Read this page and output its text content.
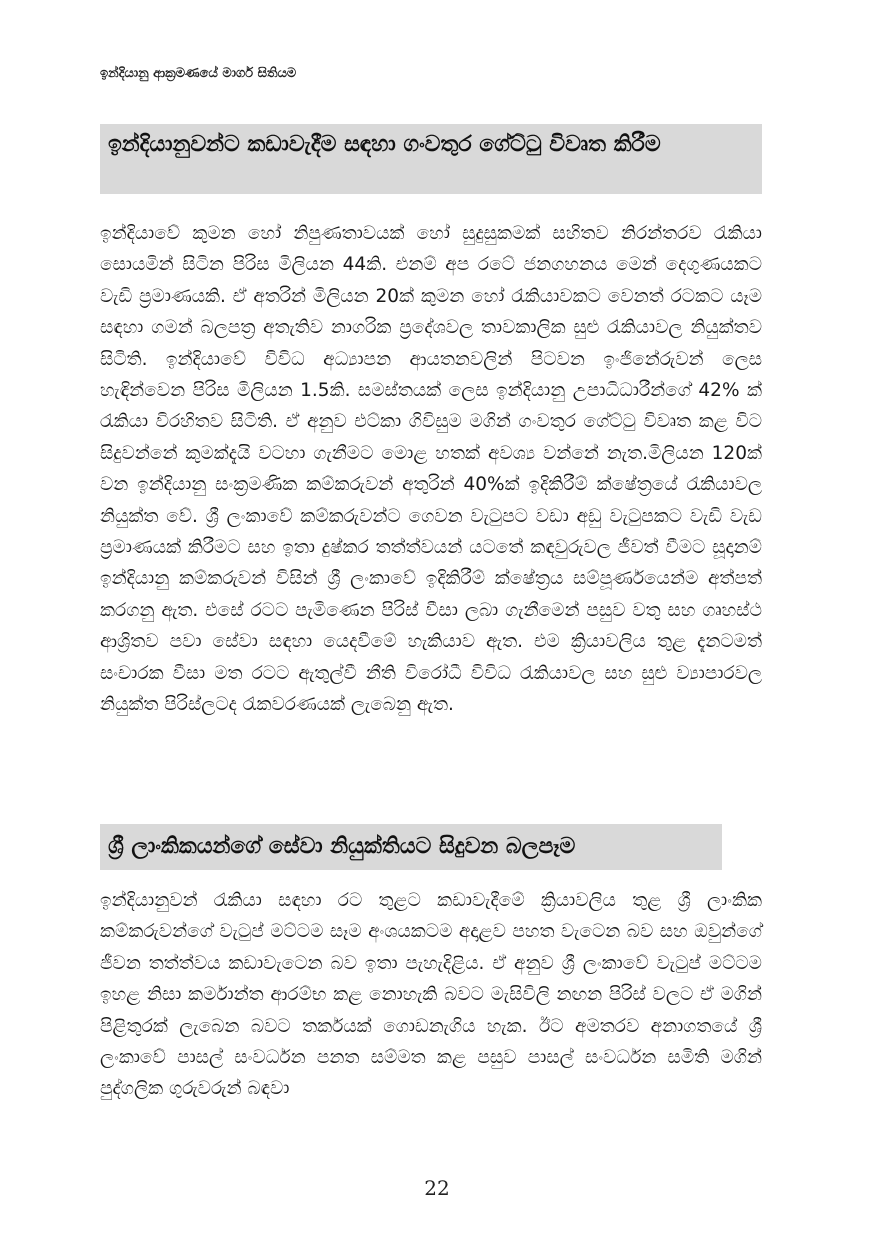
ඉන්දියානු ආක්‍රමණයේ මාර්ග සිතියම
ඉන්දියානුවන්ට කඩාවැදීම සඳහා ගංවතුර ගේට්ටු විවෘත කිරීම

ඉන්දියාවේ කුමන හෝ නිපුණතාවයක් හෝ සුදුසුකමක් සහිතව නිරන්තරව රැකියා සොයමින් සිටින පිරිස මිලියන 44කි. එනම් අප රටේ ජනගහනය මෙන් දෙගුණයකට වැඩි ප්‍රමාණයකි. ඒ අතරින් මිලියන 20ක් කුමන හෝ රැකියාවකට වෙනත් රටකට යෑම සඳහා ගමන් බලපත්‍ර අතැතිව නාගරික ප්‍රදේශවල තාවකාලික සුළු රැකියාවල නියුක්තව සිටිති. ඉන්දියාවේ විවිධ අධ්‍යාපන ආයතනවලින් පිටවන ඉංජිනේරුවන් ලෙස හැඳින්වෙන පිරිස මිලියන 1.5කි. සමස්තයක් ලෙස ඉන්දියානු උපාධිධාරීන්ගේ 42% ක් රැකියා විරහිතව සිටිති. ඒ අනුව එට්කා ගිවිසුම මගින් ගංවතුර ගේට්ටු විවෘත කළ විට සිදුවන්නේ කුමක්දැයි වටහා ගැනීමට මොළ හතක් අවශ්‍ය වන්නේ නැත.මිලියන 120ක් වන ඉන්දියානු සංක්‍රමණික කම්කරුවන් අතුරින් 40%ක් ඉදිකිරීම් ක්ෂේත්‍රයේ රැකියාවල නියුක්ත වේ. ශ්‍රී ලංකාවේ කම්කරුවන්ට ගෙවන වැටුපට වඩා අඩු වැටුපකට වැඩි වැඩ ප්‍රමාණයක් කිරීමට සහ ඉතා දුෂ්කර තත්ත්වයන් යටතේ කඳවුරුවල ජීවත් වීමට සූදානම් ඉන්දියානු කම්කරුවන් විසින් ශ්‍රී ලංකාවේ ඉදිකිරීම් ක්ෂේත්‍රය සම්පූර්ණයෙන්ම අත්පත් කරගනු ඇත. එසේ රටට පැමිණෙන පිරිස් වීසා ලබා ගැනීමෙන් පසුව වතු සහ ගෘහස්ථ ආශ්‍රිතව පවා සේවා සඳහා යෙදවීමේ හැකියාව ඇත. එම ක්‍රියාවලිය තුළ දැනටමත් සංචාරක වීසා මත රටට ඇතුල්වී නීති විරෝධී විවිධ රැකියාවල සහ සුළු ව්‍යාපාරවල නියුක්ත පිරිස්ලටද රැකවරණයක් ලැබෙනු ඇත.

ශ්‍රී ලාංකිකයන්ගේ සේවා නියුක්තියට සිදුවන බලපෑම

ඉන්දියානුවන් රැකියා සඳහා රට තුළට කඩාවැදීමේ ක්‍රියාවලිය තුළ ශ්‍රී ලාංකික කම්කරුවන්ගේ වැටුප් මට්ටම සෑම අංශයකටම අදාළව පහත වැටෙන බව සහ ඔවුන්ගේ ජීවන තත්ත්වය කඩාවැටෙන බව ඉතා පැහැදිළිය. ඒ අනුව ශ්‍රී ලංකාවේ වැටුප් මට්ටම ඉහළ නිසා කර්මාන්ත ආරම්භ කළ නොහැකි බවට මැසිවිලි නඟන පිරිස් වලට ඒ මගින් පිළිතුරක් ලැබෙන බවට තර්කයක් ගොඩනැගිය හැක. ඊට අමතරව අනාගතයේ ශ්‍රී ලංකාවේ පාසල් සංවර්ධන පනත සම්මත කළ පසුව පාසල් සංවර්ධන සමිති මගින් පුද්ගලික ගුරුවරුන් බඳවා

22
